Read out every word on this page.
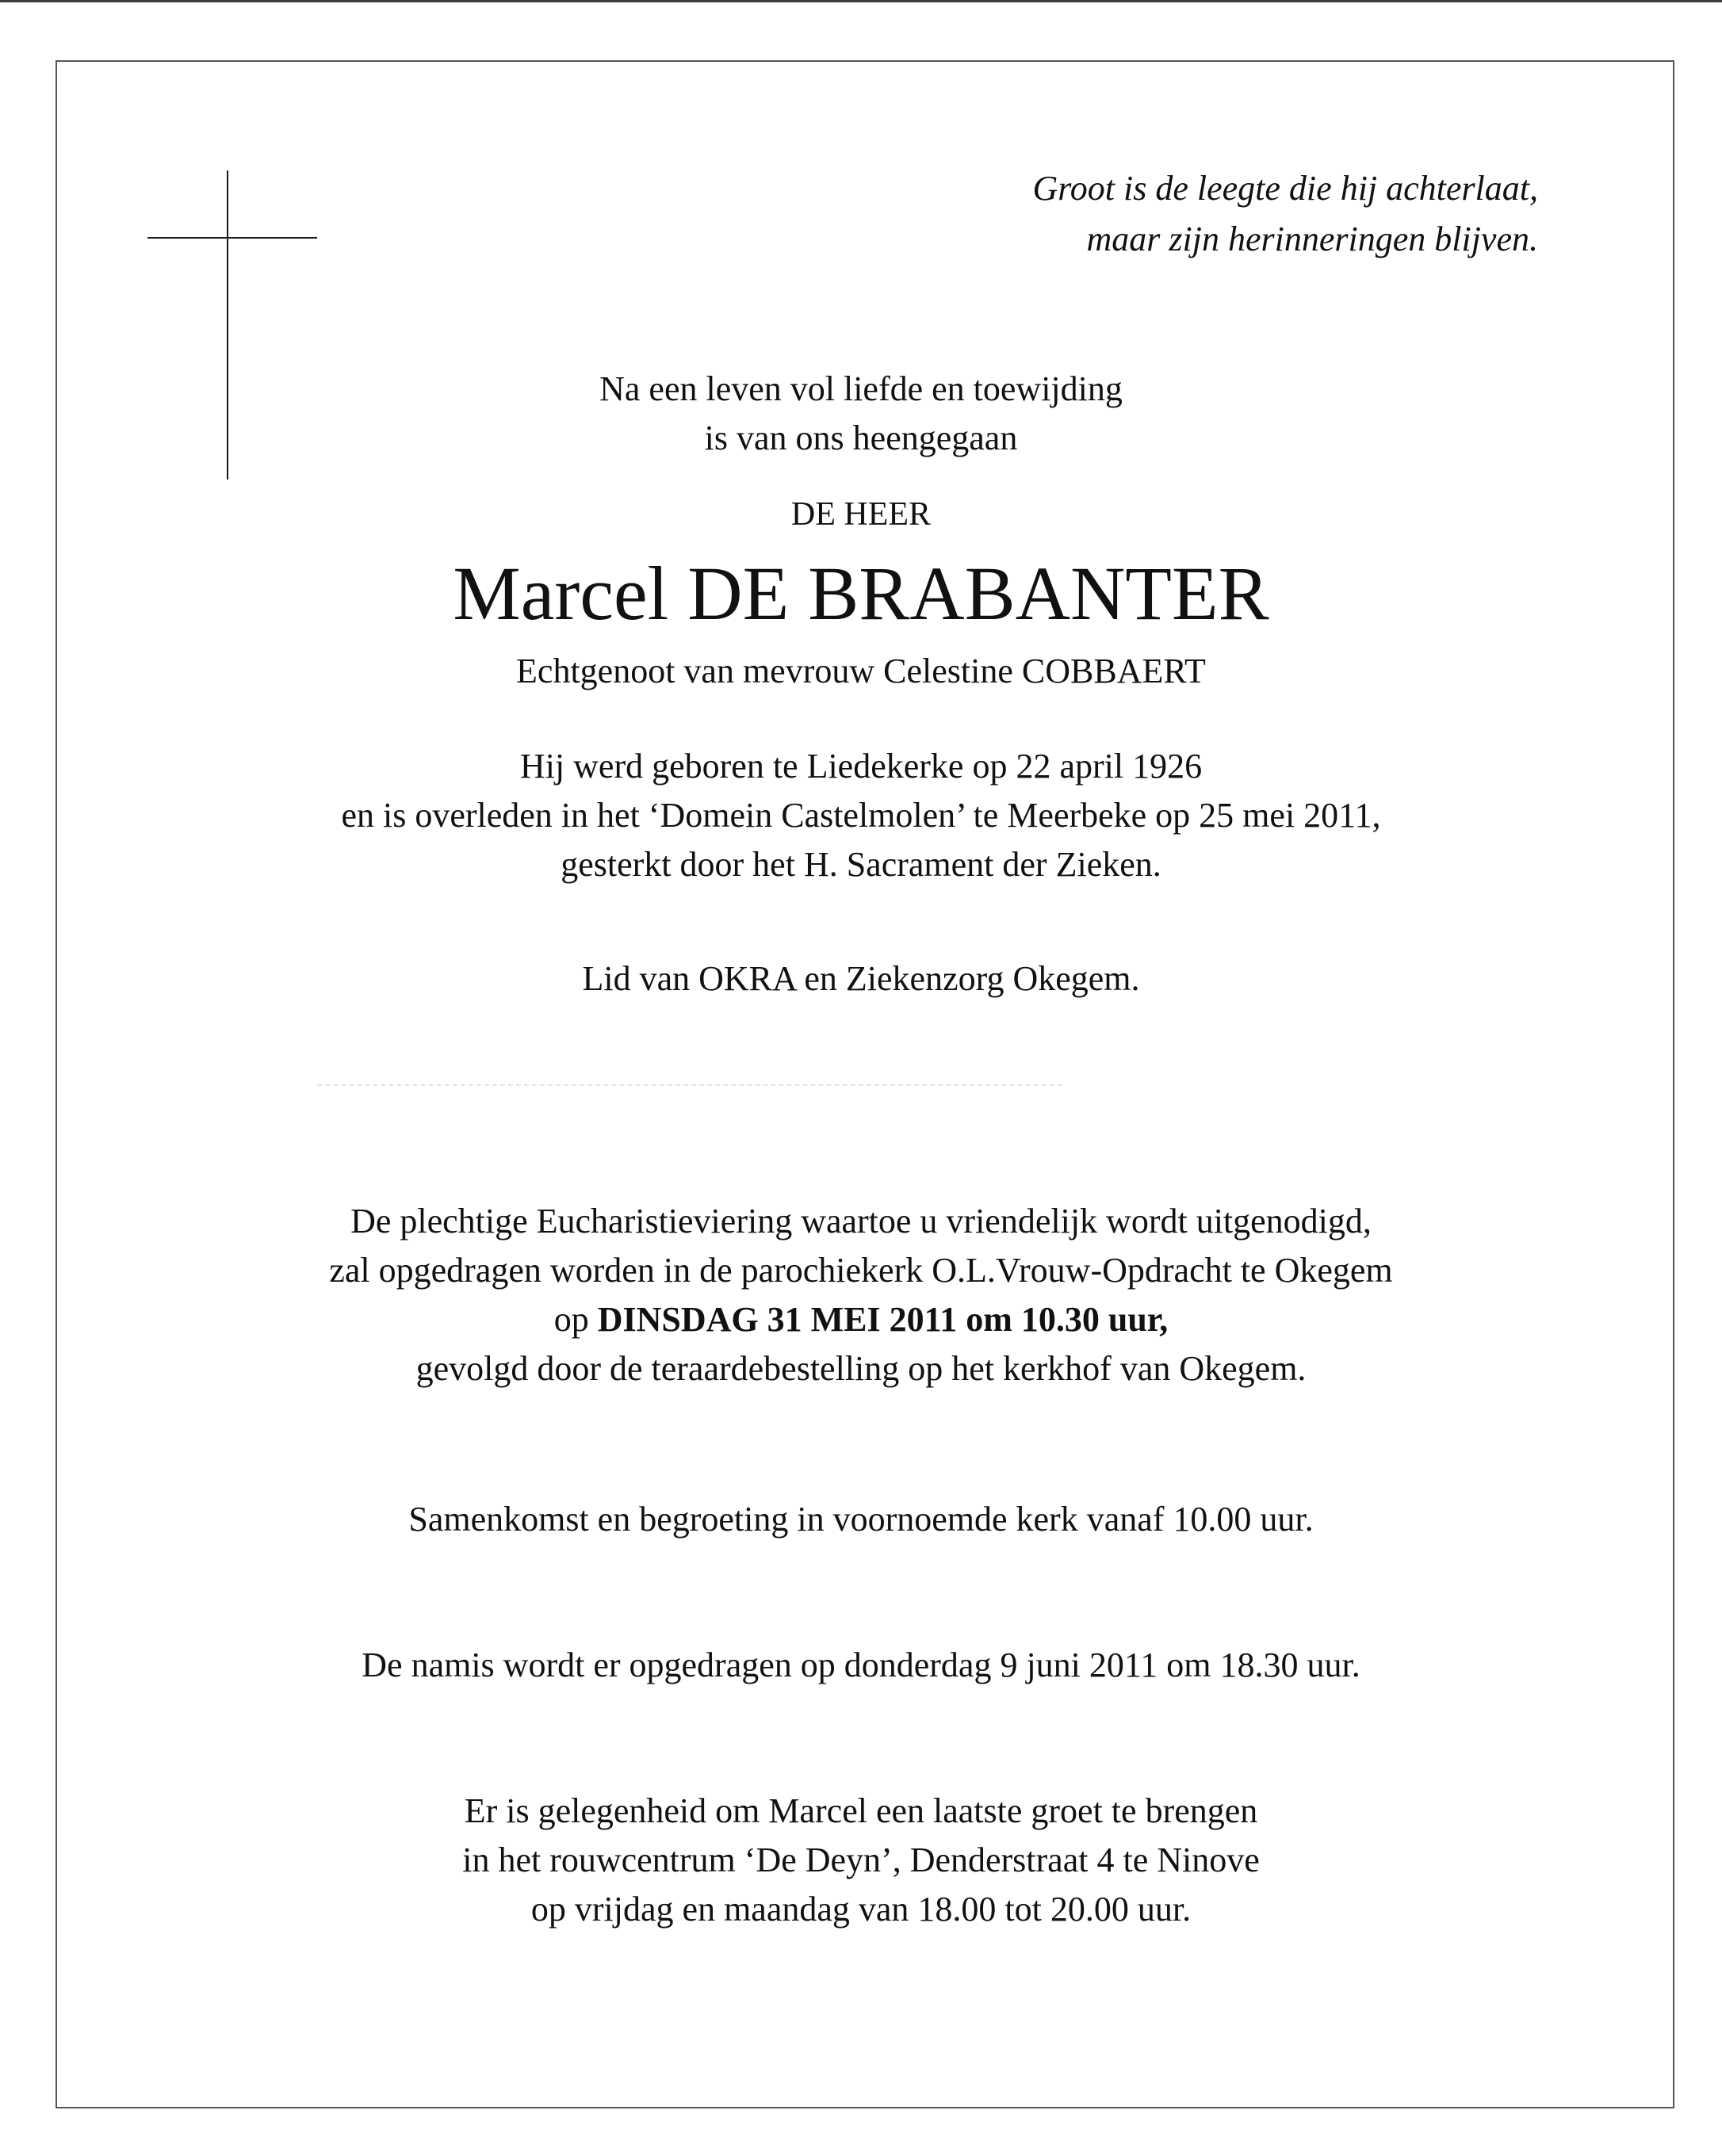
Groot is de leegte die hij achterlaat,
maar zijn herinneringen blijven.

Na een leven vol liefde en toewijding

is van ons heengegaan

DE HEER
Marcel DE BRABANTER
Echtgenoot van mevrouw Celestine COBBAERT

Hij werd geboren te Liedekerke op 22 april 1926

en is overleden in het ‘Domein Castelmolen’ te Meerbeke op 25 mei 2011,

gesterkt door het H. Sacrament der Zieken.

Lid van OKRA en Ziekenzorg Okegem.

De plechtige Eucharistieviering waartoe u vriendelijk wordt uitgenodigd,

zal opgedragen worden in de parochiekerk O.L.Vrouw-Opdracht te Okegem

op DINSDAG 31 MEI 2011 om 10.30 uur,

gevolgd door de teraardebestelling op het kerkhof van Okegem.

Samenkomst en begroeting in voornoemde kerk vanaf 10.00 uur.
De namis wordt er opgedragen op donderdag 9 juni 2011 om 18.30 uur.

Er is gelegenheid om Marcel een laatste groet te brengen

in het rouwcentrum ‘De Deyn’, Denderstraat 4 te Ninove

op vrijdag en maandag van 18.00 tot 20.00 uur.
